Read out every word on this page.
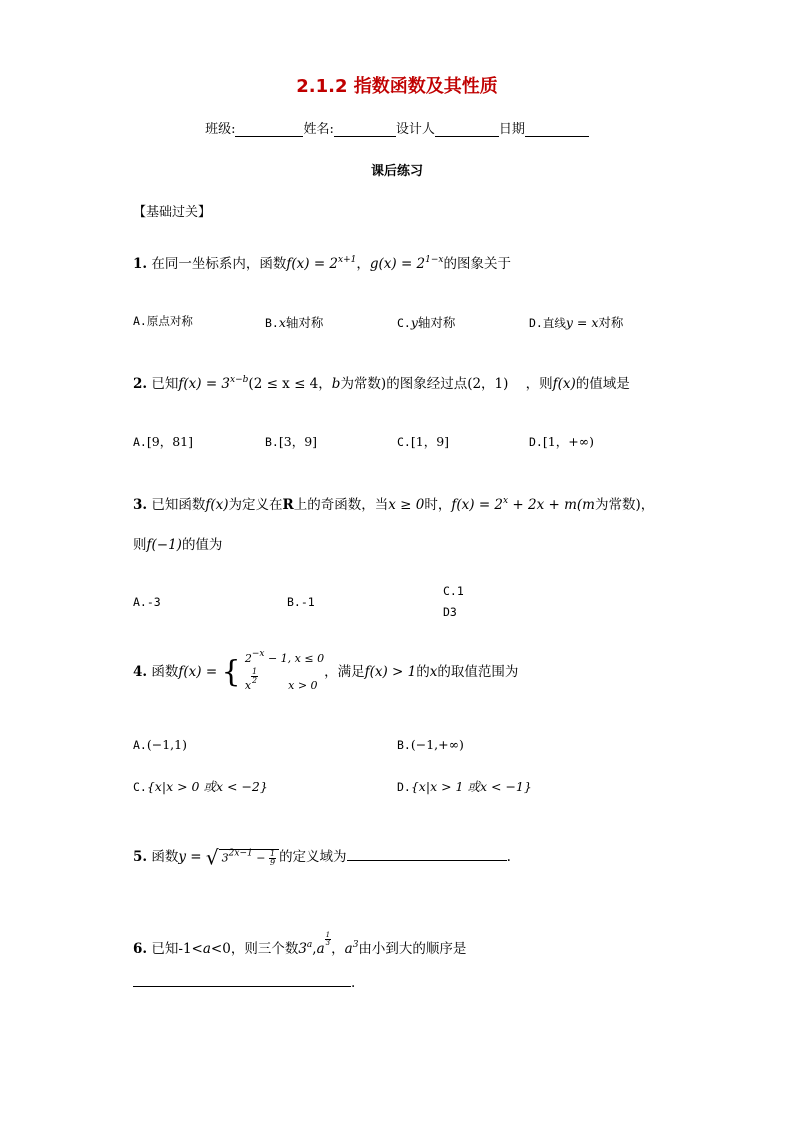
2.1.2 指数函数及其性质
班级:	姓名:	设计人	日期
课后练习
【基础过关】
1. 在同一坐标系内，函数$f(x) = 2^{x+1}$，$g(x) = 2^{1-x}$的图象关于
A.原点对称	B.x轴对称	C.y轴对称	D.直线y = x对称
2. 已知$f(x) = 3^{x-b}(2 \le x \le 4$，b为常数)的图象经过点(2，1) ，则f(x)的值域是
A.[9，81]	B.[3，9]	C.[1，9]	D.[1，+∞)
3. 已知函数f(x)为定义在R上的奇函数，当x ≥ 0时，$f(x) = 2^x + 2x + m(m$为常数)，
则f(−1)的值为
A.-3	B.-1
C.1
D3
4. 函数f(x) = { $2^{-x} - 1$, x ≤ 0
x
$\frac{1}{2}$
x > 0
，满足f(x) > 1的x的取值范围为
A.(−1,1)	B.(−1,+∞)
C.{x|x > 0 或x < −2}	D.{x|x > 1 或x < −1}
5. 函数y = √ $3^{2x-1} - \frac{1}{9}$ 的定义域为	.
6. 已知-1<a<0，则三个数3$^a$,a
$\frac{1}{3}$
，$a^3$由小到大的顺序是
.
